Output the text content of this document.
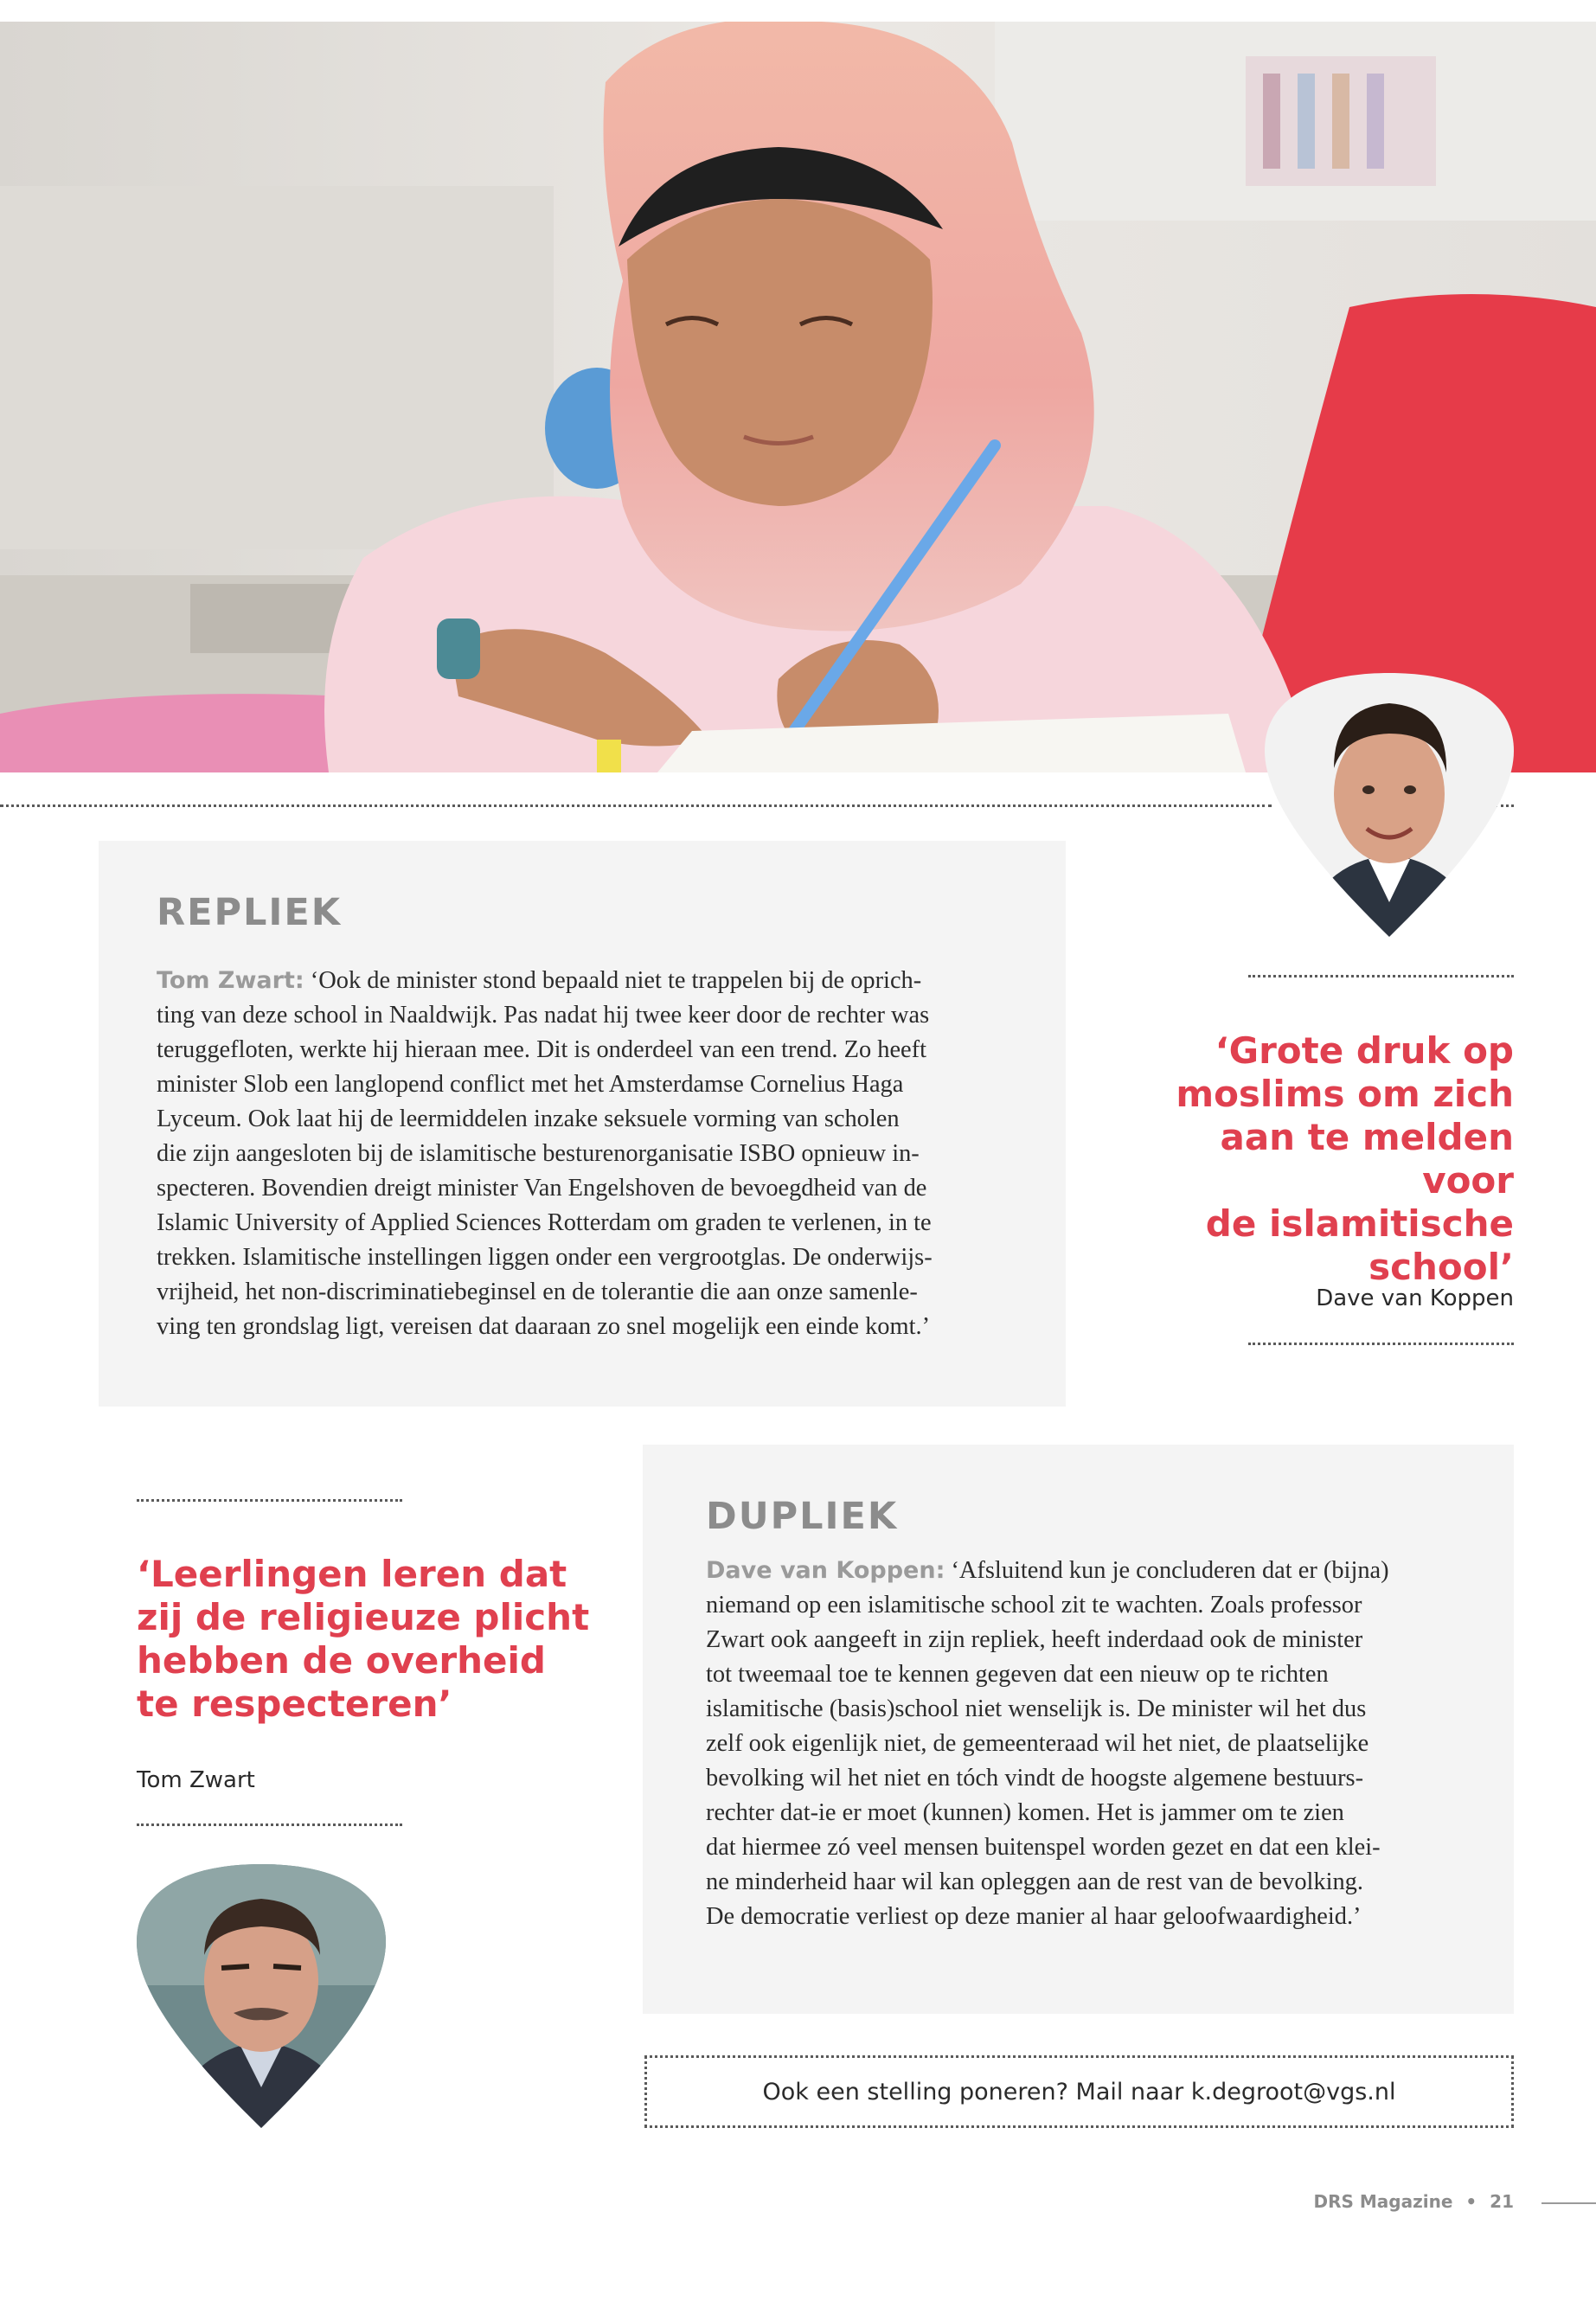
REPLIEK
Tom Zwart: ‘Ook de minister stond bepaald niet te trappelen bij de oprich-
ting van deze school in Naaldwijk. Pas nadat hij twee keer door de rechter was
teruggefloten, werkte hij hieraan mee. Dit is onderdeel van een trend. Zo heeft
minister Slob een langlopend conflict met het Amsterdamse Cornelius Haga
Lyceum. Ook laat hij de leermiddelen inzake seksuele vorming van scholen
die zijn aangesloten bij de islamitische besturenorganisatie ISBO opnieuw in-
specteren. Bovendien dreigt minister Van Engelshoven de bevoegdheid van de
Islamic University of Applied Sciences Rotterdam om graden te verlenen, in te
trekken. Islamitische instellingen liggen onder een vergrootglas. De onderwijs-
vrijheid, het non-discriminatiebeginsel en de tolerantie die aan onze samenle-
ving ten grondslag ligt, vereisen dat daaraan zo snel mogelijk een einde komt.’
‘Grote druk op
moslims om zich
aan te melden voor
de islamitische
school’
Dave van Koppen
‘Leerlingen leren dat
zij de religieuze plicht
hebben de overheid
te respecteren’
Tom Zwart
DUPLIEK
Dave van Koppen: ‘Afsluitend kun je concluderen dat er (bijna)
niemand op een islamitische school zit te wachten. Zoals professor
Zwart ook aangeeft in zijn repliek, heeft inderdaad ook de minister
tot tweemaal toe te kennen gegeven dat een nieuw op te richten
islamitische (basis)school niet wenselijk is. De minister wil het dus
zelf ook eigenlijk niet, de gemeenteraad wil het niet, de plaatselijke
bevolking wil het niet en tóch vindt de hoogste algemene bestuurs-
rechter dat-ie er moet (kunnen) komen. Het is jammer om te zien
dat hiermee zó veel mensen buitenspel worden gezet en dat een klei-
ne minderheid haar wil kan opleggen aan de rest van de bevolking.
De democratie verliest op deze manier al haar geloofwaardigheid.’
Ook een stelling poneren? Mail naar k.degroot@vgs.nl
DRS Magazine • 21
